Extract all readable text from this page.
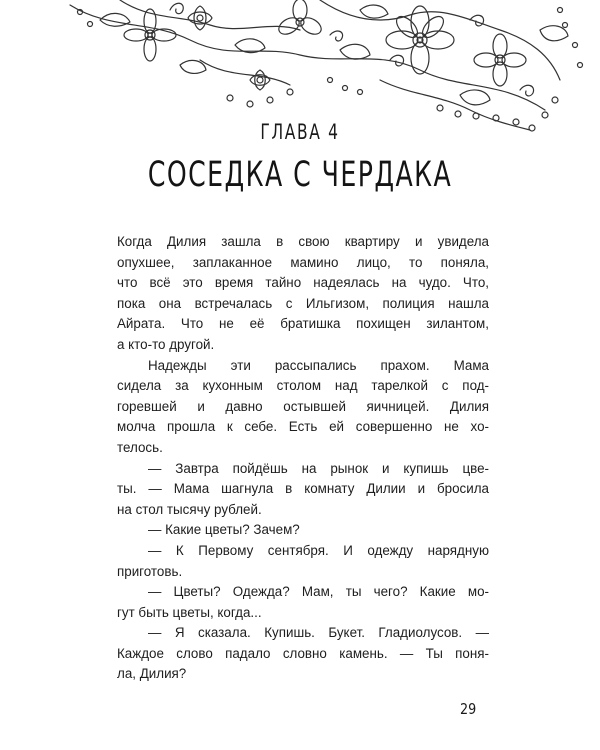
ГЛАВА 4
СОСЕДКА С ЧЕРДАКА
Когда Дилия зашла в свою квартиру и увидела
опухшее, заплаканное мамино лицо, то поняла,
что всё это время тайно надеялась на чудо. Что,
пока она встречалась с Ильгизом, полиция нашла
Айрата. Что не её братишка похищен зилантом,
а кто-то другой.
Надежды эти рассыпались прахом. Мама
сидела за кухонным столом над тарелкой с под-
горевшей и давно остывшей яичницей. Дилия
молча прошла к себе. Есть ей совершенно не хо-
телось.
— Завтра пойдёшь на рынок и купишь цве-
ты. — Мама шагнула в комнату Дилии и бросила
на стол тысячу рублей.
— Какие цветы? Зачем?
— К Первому сентября. И одежду нарядную
приготовь.
— Цветы? Одежда? Мам, ты чего? Какие мо-
гут быть цветы, когда...
— Я сказала. Купишь. Букет. Гладиолусов. —
Каждое слово падало словно камень. — Ты поня-
ла, Дилия?
29
